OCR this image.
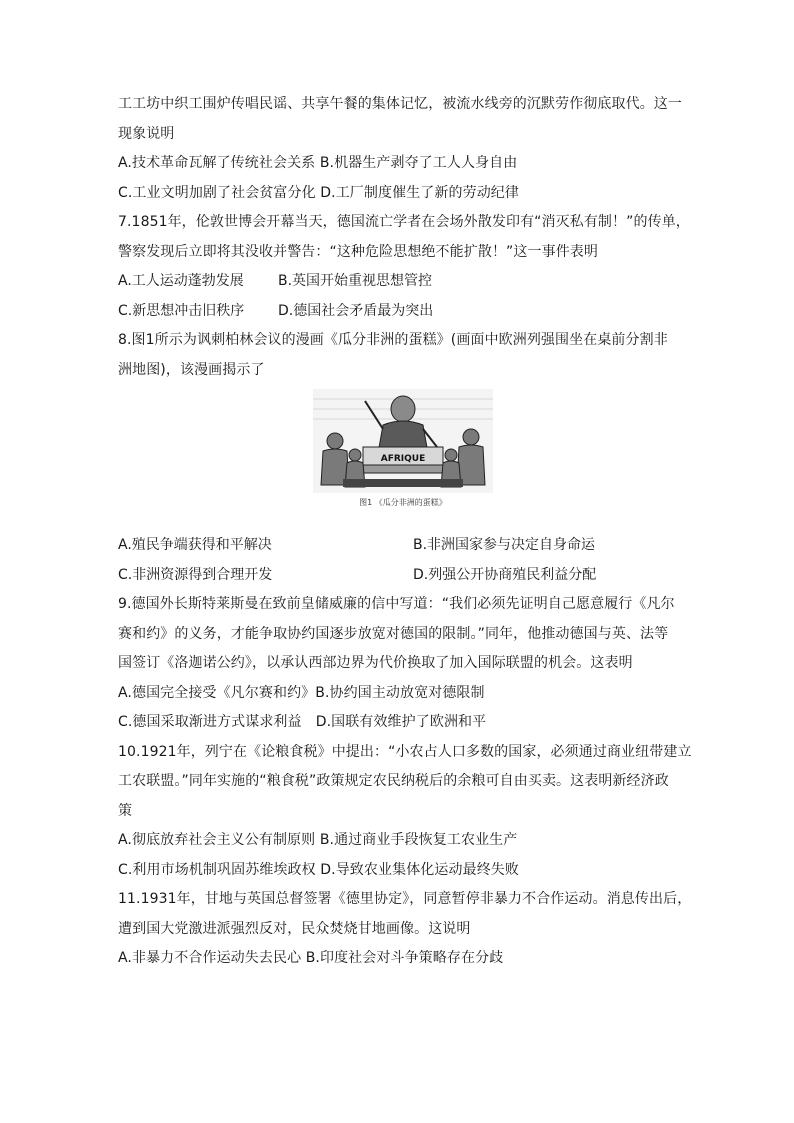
工工坊中织工围炉传唱民谣、共享午餐的集体记忆，被流水线旁的沉默劳作彻底取代。这一
现象说明
A.技术革命瓦解了传统社会关系 B.机器生产剥夺了工人人身自由
C.工业文明加剧了社会贫富分化 D.工厂制度催生了新的劳动纪律
7.1851年，伦敦世博会开幕当天，德国流亡学者在会场外散发印有“消灭私有制！”的传单，
警察发现后立即将其没收并警告：“这种危险思想绝不能扩散！”这一事件表明
A.工人运动蓬勃发展	B.英国开始重视思想管控
C.新思想冲击旧秩序	D.德国社会矛盾最为突出
8.图1所示为讽刺柏林会议的漫画《瓜分非洲的蛋糕》(画面中欧洲列强围坐在桌前分割非
洲地图)，该漫画揭示了
AFRIQUE
图1 《瓜分非洲的蛋糕》
A.殖民争端获得和平解决	B.非洲国家参与决定自身命运
C.非洲资源得到合理开发	D.列强公开协商殖民利益分配
9.德国外长斯特莱斯曼在致前皇储威廉的信中写道：“我们必须先证明自己愿意履行《凡尔
赛和约》的义务，才能争取协约国逐步放宽对德国的限制。”同年，他推动德国与英、法等
国签订《洛迦诺公约》，以承认西部边界为代价换取了加入国际联盟的机会。这表明
A.德国完全接受《凡尔赛和约》B.协约国主动放宽对德限制
C.德国采取渐进方式谋求利益　D.国联有效维护了欧洲和平
10.1921年，列宁在《论粮食税》中提出：“小农占人口多数的国家，必须通过商业纽带建立
工农联盟。”同年实施的“粮食税”政策规定农民纳税后的余粮可自由买卖。这表明新经济政
策
A.彻底放弃社会主义公有制原则 B.通过商业手段恢复工农业生产
C.利用市场机制巩固苏维埃政权 D.导致农业集体化运动最终失败
11.1931年，甘地与英国总督签署《德里协定》，同意暂停非暴力不合作运动。消息传出后，
遭到国大党激进派强烈反对，民众焚烧甘地画像。这说明
A.非暴力不合作运动失去民心 B.印度社会对斗争策略存在分歧
